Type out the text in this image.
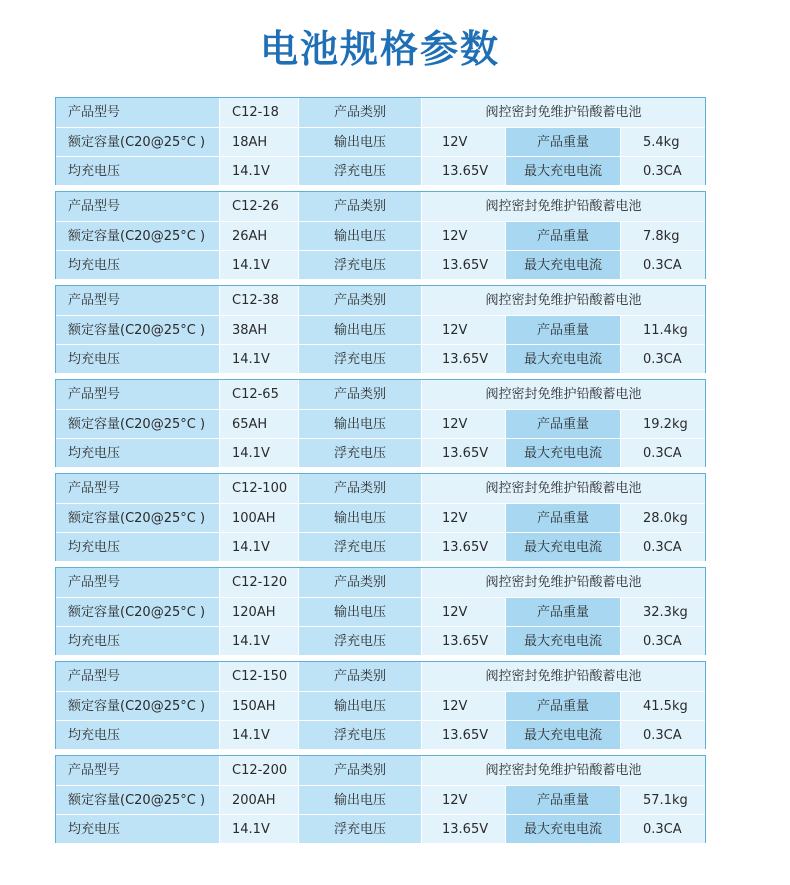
电池规格参数
产品型号	C12-18	产品类别	阀控密封免维护铅酸蓄电池
额定容量(C20@25°C )	18AH	输出电压	12V	产品重量	5.4kg
均充电压	14.1V	浮充电压	13.65V	最大充电电流	0.3CA
产品型号	C12-26	产品类别	阀控密封免维护铅酸蓄电池
额定容量(C20@25°C )	26AH	输出电压	12V	产品重量	7.8kg
均充电压	14.1V	浮充电压	13.65V	最大充电电流	0.3CA
产品型号	C12-38	产品类别	阀控密封免维护铅酸蓄电池
额定容量(C20@25°C )	38AH	输出电压	12V	产品重量	11.4kg
均充电压	14.1V	浮充电压	13.65V	最大充电电流	0.3CA
产品型号	C12-65	产品类别	阀控密封免维护铅酸蓄电池
额定容量(C20@25°C )	65AH	输出电压	12V	产品重量	19.2kg
均充电压	14.1V	浮充电压	13.65V	最大充电电流	0.3CA
产品型号	C12-100	产品类别	阀控密封免维护铅酸蓄电池
额定容量(C20@25°C )	100AH	输出电压	12V	产品重量	28.0kg
均充电压	14.1V	浮充电压	13.65V	最大充电电流	0.3CA
产品型号	C12-120	产品类别	阀控密封免维护铅酸蓄电池
额定容量(C20@25°C )	120AH	输出电压	12V	产品重量	32.3kg
均充电压	14.1V	浮充电压	13.65V	最大充电电流	0.3CA
产品型号	C12-150	产品类别	阀控密封免维护铅酸蓄电池
额定容量(C20@25°C )	150AH	输出电压	12V	产品重量	41.5kg
均充电压	14.1V	浮充电压	13.65V	最大充电电流	0.3CA
产品型号	C12-200	产品类别	阀控密封免维护铅酸蓄电池
额定容量(C20@25°C )	200AH	输出电压	12V	产品重量	57.1kg
均充电压	14.1V	浮充电压	13.65V	最大充电电流	0.3CA
